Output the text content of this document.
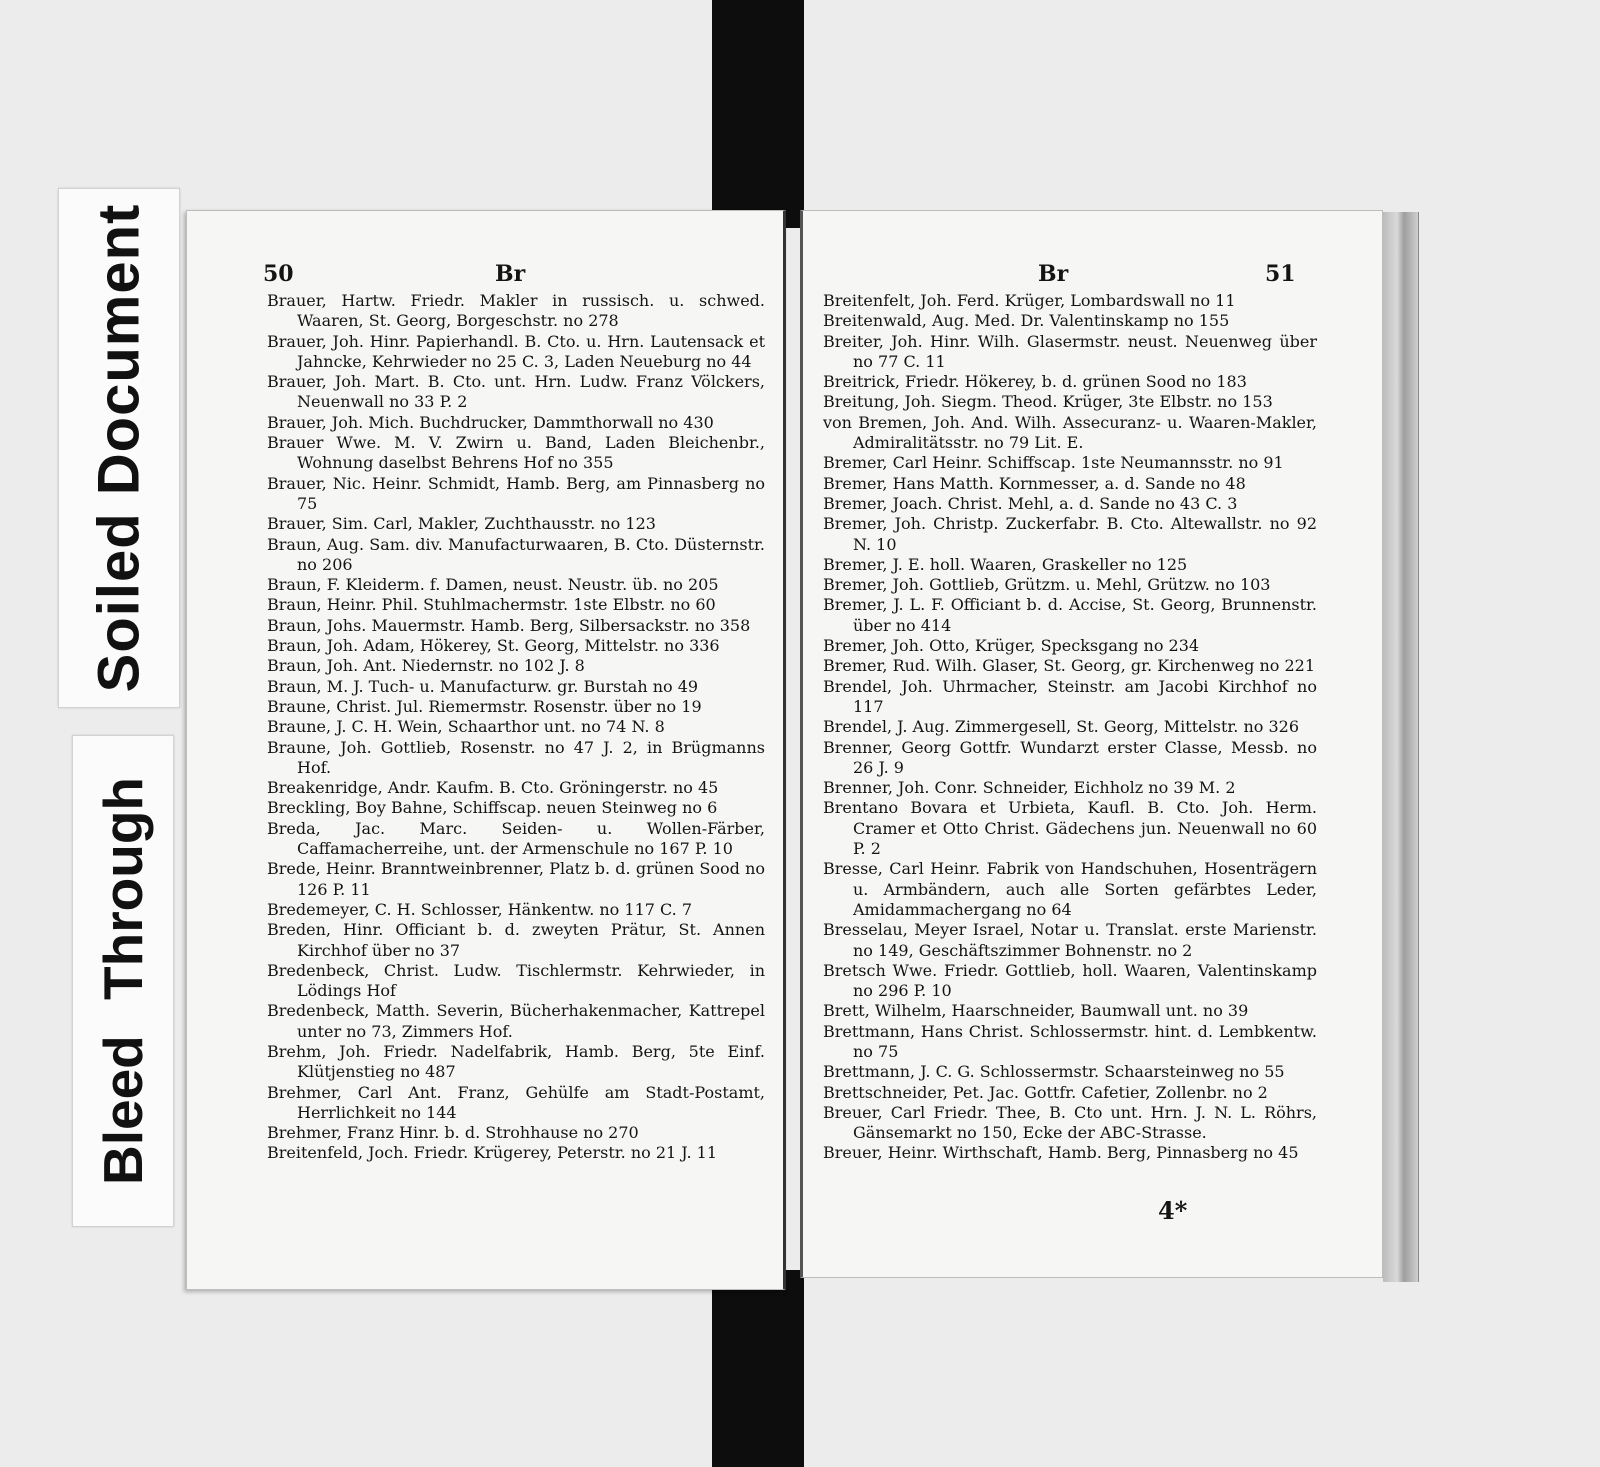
Soiled Document
Bleed Through
50	Br
Brauer, Hartw. Friedr. Makler in russisch. u. schwed. Waaren, St. Georg, Borgeschstr. no 278
Brauer, Joh. Hinr. Papierhandl. B. Cto. u. Hrn. Lautensack et Jahncke, Kehrwieder no 25 C. 3, Laden Neueburg no 44
Brauer, Joh. Mart. B. Cto. unt. Hrn. Ludw. Franz Völckers, Neuenwall no 33 P. 2
Brauer, Joh. Mich. Buchdrucker, Dammthorwall no 430
Brauer Wwe. M. V. Zwirn u. Band, Laden Bleichenbr., Wohnung daselbst Behrens Hof no 355
Brauer, Nic. Heinr. Schmidt, Hamb. Berg, am Pinnasberg no 75
Brauer, Sim. Carl, Makler, Zuchthausstr. no 123
Braun, Aug. Sam. div. Manufacturwaaren, B. Cto. Düsternstr. no 206
Braun, F. Kleiderm. f. Damen, neust. Neustr. üb. no 205
Braun, Heinr. Phil. Stuhlmachermstr. 1ste Elbstr. no 60
Braun, Johs. Mauermstr. Hamb. Berg, Silbersackstr. no 358
Braun, Joh. Adam, Hökerey, St. Georg, Mittelstr. no 336
Braun, Joh. Ant. Niedernstr. no 102 J. 8
Braun, M. J. Tuch- u. Manufacturw. gr. Burstah no 49
Braune, Christ. Jul. Riemermstr. Rosenstr. über no 19
Braune, J. C. H. Wein, Schaarthor unt. no 74 N. 8
Braune, Joh. Gottlieb, Rosenstr. no 47 J. 2, in Brügmanns Hof.
Breakenridge, Andr. Kaufm. B. Cto. Gröningerstr. no 45
Breckling, Boy Bahne, Schiffscap. neuen Steinweg no 6
Breda, Jac. Marc. Seiden- u. Wollen-Färber, Caffamacherreihe, unt. der Armenschule no 167 P. 10
Brede, Heinr. Branntweinbrenner, Platz b. d. grünen Sood no 126 P. 11
Bredemeyer, C. H. Schlosser, Hänkentw. no 117 C. 7
Breden, Hinr. Officiant b. d. zweyten Prätur, St. Annen Kirchhof über no 37
Bredenbeck, Christ. Ludw. Tischlermstr. Kehrwieder, in Lödings Hof
Bredenbeck, Matth. Severin, Bücherhakenmacher, Kattrepel unter no 73, Zimmers Hof.
Brehm, Joh. Friedr. Nadelfabrik, Hamb. Berg, 5te Einf. Klütjenstieg no 487
Brehmer, Carl Ant. Franz, Gehülfe am Stadt-Postamt, Herrlichkeit no 144
Brehmer, Franz Hinr. b. d. Strohhause no 270
Breitenfeld, Joch. Friedr. Krügerey, Peterstr. no 21 J. 11
Br	51
Breitenfelt, Joh. Ferd. Krüger, Lombardswall no 11
Breitenwald, Aug. Med. Dr. Valentinskamp no 155
Breiter, Joh. Hinr. Wilh. Glasermstr. neust. Neuenweg über no 77 C. 11
Breitrick, Friedr. Hökerey, b. d. grünen Sood no 183
Breitung, Joh. Siegm. Theod. Krüger, 3te Elbstr. no 153
von Bremen, Joh. And. Wilh. Assecuranz- u. Waaren-Makler, Admiralitätsstr. no 79 Lit. E.
Bremer, Carl Heinr. Schiffscap. 1ste Neumannsstr. no 91
Bremer, Hans Matth. Kornmesser, a. d. Sande no 48
Bremer, Joach. Christ. Mehl, a. d. Sande no 43 C. 3
Bremer, Joh. Christp. Zuckerfabr. B. Cto. Altewallstr. no 92 N. 10
Bremer, J. E. holl. Waaren, Graskeller no 125
Bremer, Joh. Gottlieb, Grützm. u. Mehl, Grützw. no 103
Bremer, J. L. F. Officiant b. d. Accise, St. Georg, Brunnenstr. über no 414
Bremer, Joh. Otto, Krüger, Specksgang no 234
Bremer, Rud. Wilh. Glaser, St. Georg, gr. Kirchenweg no 221
Brendel, Joh. Uhrmacher, Steinstr. am Jacobi Kirchhof no 117
Brendel, J. Aug. Zimmergesell, St. Georg, Mittelstr. no 326
Brenner, Georg Gottfr. Wundarzt erster Classe, Messb. no 26 J. 9
Brenner, Joh. Conr. Schneider, Eichholz no 39 M. 2
Brentano Bovara et Urbieta, Kaufl. B. Cto. Joh. Herm. Cramer et Otto Christ. Gädechens jun. Neuenwall no 60 P. 2
Bresse, Carl Heinr. Fabrik von Handschuhen, Hosenträgern u. Armbändern, auch alle Sorten gefärbtes Leder, Amidammachergang no 64
Bresselau, Meyer Israel, Notar u. Translat. erste Marienstr. no 149, Geschäftszimmer Bohnenstr. no 2
Bretsch Wwe. Friedr. Gottlieb, holl. Waaren, Valentinskamp no 296 P. 10
Brett, Wilhelm, Haarschneider, Baumwall unt. no 39
Brettmann, Hans Christ. Schlossermstr. hint. d. Lembkentw. no 75
Brettmann, J. C. G. Schlossermstr. Schaarsteinweg no 55
Brettschneider, Pet. Jac. Gottfr. Cafetier, Zollenbr. no 2
Breuer, Carl Friedr. Thee, B. Cto unt. Hrn. J. N. L. Röhrs, Gänsemarkt no 150, Ecke der ABC-Strasse.
Breuer, Heinr. Wirthschaft, Hamb. Berg, Pinnasberg no 45
4*
